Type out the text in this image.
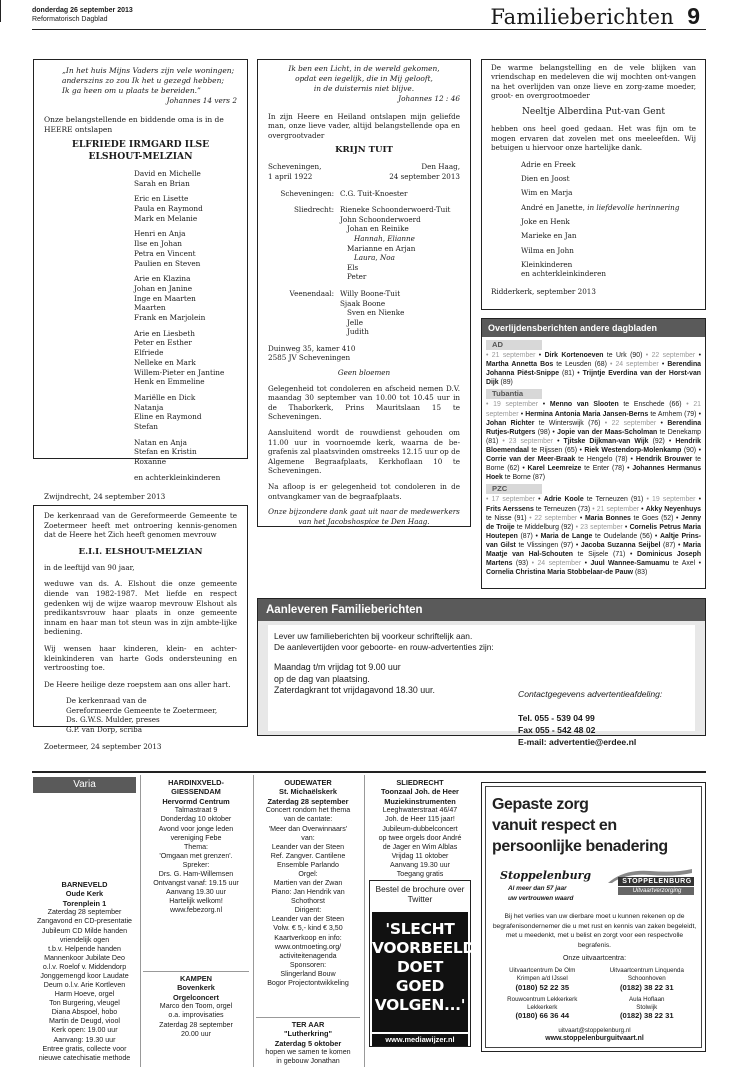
donderdag 26 september 2013
Reformatorisch Dagblad	Familieberichten 9
„In het huis Mijns Vaders zijn vele woningen;
anderszins zo zou Ik het u gezegd hebben;
Ik ga heen om u plaats te bereiden.”
Johannes 14 vers 2
Onze belangstellende en biddende oma is in de HEERE ontslapen
ELFRIEDE IRMGARD ILSE
ELSHOUT-MELZIAN
David en Michelle
Sarah en Brian
Eric en Lisette
Paula en Raymond
Mark en Melanie
Henri en Anja
Ilse en Johan
Petra en Vincent
Paulien en Steven
Arie en Klazina
Johan en Janine
Inge en Maarten
Maarten
Frank en Marjolein
Arie en Liesbeth
Peter en Esther
Elfriede
Nelleke en Mark
Willem-Pieter en Jantine
Henk en Emmeline
Mariëlle en Dick
Natanja
Eline en Raymond
Stefan
Natan en Anja
Stefan en Kristin
Roxanne
en achterkleinkinderen
Zwijndrecht, 24 september 2013
De kerkenraad van de Gereformeerde Gemeente te Zoetermeer heeft met ontroering kennis-genomen dat de Heere het Zich heeft genomen mevrouw
E.I.I. ELSHOUT-MELZIAN
in de leeftijd van 90 jaar,
weduwe van ds. A. Elshout die onze gemeente diende van 1982-1987. Met liefde en respect gedenken wij de wijze waarop mevrouw Elshout als predikantsvrouw haar plaats in onze gemeente innam en haar man tot steun was in zijn ambte-lijke bediening.
Wij wensen haar kinderen, klein- en achter-kleinkinderen van harte Gods ondersteuning en vertroosting toe.
De Heere heilige deze roepstem aan ons aller hart.
De kerkenraad van de
Gereformeerde Gemeente te Zoetermeer,
Ds. G.W.S. Mulder, preses
G.P. van Dorp, scriba
Zoetermeer, 24 september 2013
Ik ben een Licht, in de wereld gekomen,
opdat een iegelijk, die in Mij gelooft,
in de duisternis niet blijve.
Johannes 12 : 46
In zijn Heere en Heiland ontslapen mijn geliefde man, onze lieve vader, altijd belangstellende opa en overgrootvader
KRIJN TUIT
Scheveningen,
1 april 1922
Den Haag,
24 september 2013
Scheveningen: C.G. Tuit-Knoester
Sliedrecht: Rieneke Schoonderwoerd-Tuit
John Schoonderwoerd
Johan en Reinike
Hannah, Elianne
Marianne en Arjan
Laura, Noa
Els
Peter
Veenendaal: Willy Boone-Tuit
Sjaak Boone
Sven en Nienke
Jelle
Judith
Duinweg 35, kamer 410
2585 JV Scheveningen
Geen bloemen
Gelegenheid tot condoleren en afscheid nemen D.V. maandag 30 september van 10.00 tot 10.45 uur in de Thaborkerk, Prins Mauritslaan 15 te Scheveningen.
Aansluitend wordt de rouwdienst gehouden om 11.00 uur in voornoemde kerk, waarna de be-grafenis zal plaatsvinden omstreeks 12.15 uur op de Algemene Begraafplaats, Kerkhoflaan 10 te Scheveningen.
Na afloop is er gelegenheid tot condoleren in de ontvangkamer van de begraafplaats.
Onze bijzondere dank gaat uit naar de medewerkers van het Jacobshospice te Den Haag.
De warme belangstelling en de vele blijken van vriendschap en medeleven die wij mochten ont-vangen na het overlijden van onze lieve en zorg-zame moeder, groot- en overgrootmoeder
Neeltje Alberdina Put-van Gent
hebben ons heel goed gedaan. Het was fijn om te mogen ervaren dat zovelen met ons meeleefden. Wij betuigen u hiervoor onze hartelijke dank.
Adrie en Freek
Dien en Joost
Wim en Marja
André en Janette, in liefdevolle herinnering
Joke en Henk
Marieke en Jan
Wilma en John
Kleinkinderen
en achterkleinkinderen
Ridderkerk, september 2013
Overlijdensberichten andere dagbladen
AD
• 21 september • Dirk Kortenoeven te Urk (90) • 22 september • Martha Annetta Bos te Leusden (68) • 24 september • Berendina Johanna Piëst-Snippe (81) • Trijntje Everdina van der Horst-van Dijk (89)
Tubantia
• 19 september • Menno van Slooten te Enschede (66) • 21 september • Hermina Antonia Maria Jansen-Berns te Arnhem (79) • Johan Richter te Winterswijk (76) • 22 september • Berendina Rutjes-Rutgers (98) • Jopie van der Maas-Scholman te Denekamp (81) • 23 september • Tjitske Dijkman-van Wijk (92) • Hendrik Bloemendaal te Rijssen (65) • Riek Westendorp-Molenkamp (90) • Corrie van der Meer-Braak te Hengelo (78) • Hendrik Brouwer te Borne (62) • Karel Leemreize te Enter (78) • Johannes Hermanus Hoek te Borne (87)
PZC
• 17 september • Adrie Koole te Terneuzen (91) • 19 september • Frits Aerssens te Terneuzen (73) • 21 september • Akky Neyenhuys te Nisse (91) • 22 september • Maria Bonnes te Goes (52) • Jenny de Troije te Middelburg (92) • 23 september • Cornelis Petrus Maria Houtepen (87) • Maria de Lange te Oudelande (56) • Aaltje Prins-van Gilst te Vlissingen (97) • Jacoba Suzanna Seijbel (87) • Maria Maatje van Hal-Schouten te Sijsele (71) • Dominicus Joseph Martens (93) • 24 september • Juul Wannee-Samuamu te Axel • Cornelia Christina Maria Stobbelaar-de Pauw (83)
Aanleveren Familieberichten
Lever uw familieberichten bij voorkeur schriftelijk aan.
De aanlevertijden voor geboorte- en rouw-advertenties zijn:
Maandag t/m vrijdag tot 9.00 uur
op de dag van plaatsing.
Zaterdagkrant tot vrijdagavond 18.30 uur.	Contactgegevens advertentieafdeling:
Tel. 055 - 539 04 99
Fax 055 - 542 48 02
E-mail: advertentie@erdee.nl
Varia
BARNEVELD
Oude Kerk
Torenplein 1
Zaterdag 28 september
Zangavond en CD-presentatie
Jubileum CD Milde handen
vriendelijk ogen
t.b.v. Helpende handen
Mannenkoor Jubilate Deo
o.l.v. Roelof v. Middendorp
Jonggemengd koor Laudate
Deum o.l.v. Arie Kortleven
Harm Hoeve, orgel
Ton Burgering, vleugel
Diana Abspoel, hobo
Martin de Deugd, viool
Kerk open: 19.00 uur
Aanvang: 19.30 uur
Entree gratis, collecte voor
nieuwe catechisatie methode
HARDINXVELD-
GIESSENDAM
Hervormd Centrum
Talmastraat 9
Donderdag 10 oktober
Avond voor jonge leden
vereniging Febe
Thema:
'Omgaan met grenzen'.
Spreker:
Drs. G. Ham-Willemsen
Ontvangst vanaf: 19.15 uur
Aanvang 19.30 uur
Hartelijk welkom!
www.febezorg.nl
KAMPEN
Bovenkerk
Orgelconcert
Marco den Toom, orgel
o.a. improvisaties
Zaterdag 28 september
20.00 uur
OUDEWATER
St. Michaëlskerk
Zaterdag 28 september
Concert rondom het thema
van de cantate:
'Meer dan Overwinnaars'
van:
Leander van der Steen
Ref. Zangver. Cantilene
Ensemble Parlando
Orgel:
Martien van der Zwan
Piano: Jan Hendrik van
Schothorst
Dirigent:
Leander van der Steen
Volw. € 5,- kind € 3,50
Kaartverkoop en info:
www.ontmoeting.org/
activiteitenagenda
Sponsoren:
Slingerland Bouw
Bogor Projectontwikkeling
TER AAR
"Lutherkring"
Zaterdag 5 oktober
hopen we samen te komen
in gebouw Jonathan
SLIEDRECHT
Toonzaal Joh. de Heer
Muziekinstrumenten
Leeghwaterstraat 46/47
Joh. de Heer 115 jaar!
Jubileum-dubbelconcert
op twee orgels door André
de Jager en Wim Alblas
Vrijdag 11 oktober
Aanvang 19.30 uur
Toegang gratis
Bestel de brochure over Twitter
'SLECHT
VOORBEELD
DOET GOED
VOLGEN...'
www.mediawijzer.nl
Gepaste zorg
vanuit respect en
persoonlijke benadering
Stoppelenburg
Al meer dan 57 jaar
uw vertrouwen waard
STOPPELENBURG
Uitvaartverzorging
Bij het verlies van uw dierbare moet u kunnen rekenen op de begrafenisondernemer die u met rust en kennis van zaken begeleidt, met u meedenkt, met u belist en zorgt voor een respectvolle begrafenis.
Onze uitvaartcentra:
Uitvaartcentrum De Olm
Krimpen a/d IJssel
(0180) 52 22 35
Uitvaartcentrum Linquenda
Schoonhoven
(0182) 38 22 31
Rouwcentrum Lekkerkerk
Lekkerkerk
(0180) 66 36 44
Aula Hoflaan
Stolwijk
(0182) 38 22 31
uitvaart@stoppelenburg.nl
www.stoppelenburguitvaart.nl
